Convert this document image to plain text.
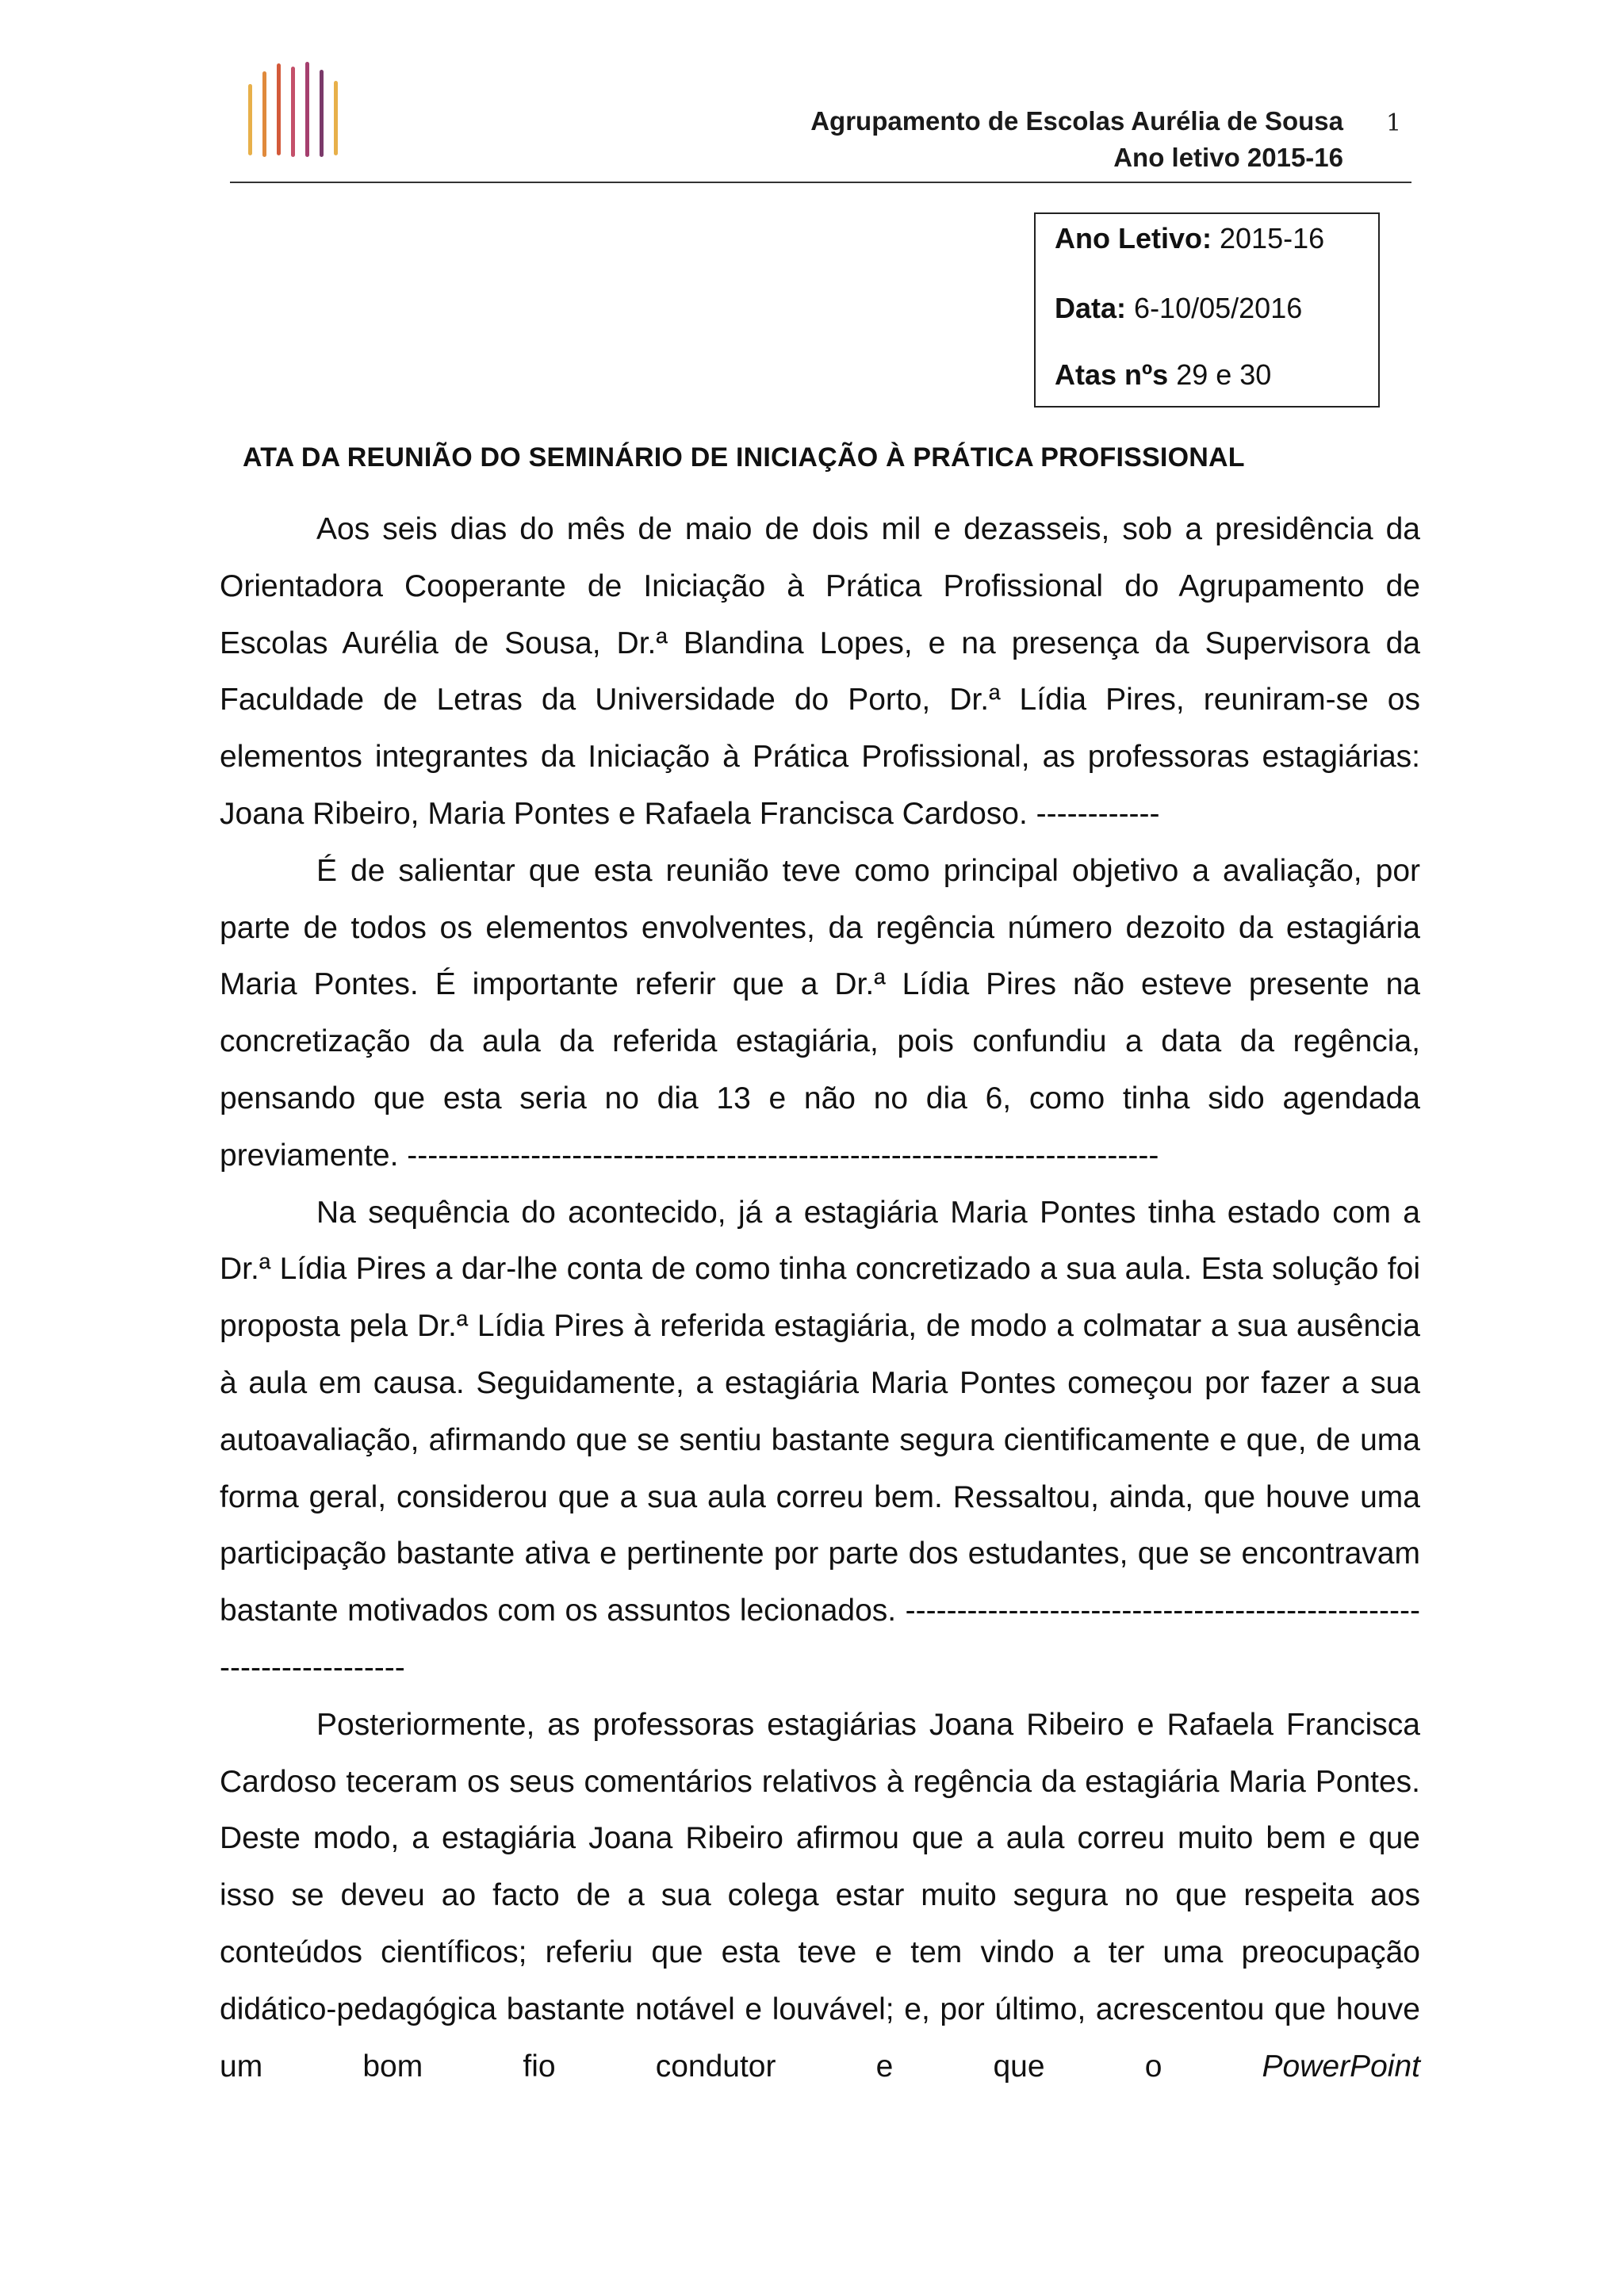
Agrupamento de Escolas Aurélia de Sousa
Ano letivo 2015-16
1
Ano Letivo: 2015-16
Data: 6-10/05/2016
Atas nºs 29 e 30
ATA DA REUNIÃO DO SEMINÁRIO DE INICIAÇÃO À PRÁTICA PROFISSIONAL

Aos seis dias do mês de maio de dois mil e dezasseis, sob a presidência da Orientadora Cooperante de Iniciação à Prática Profissional do Agrupamento de Escolas Aurélia de Sousa, Dr.ª Blandina Lopes, e na presença da Supervisora da Faculdade de Letras da Universidade do Porto, Dr.ª Lídia Pires, reuniram-se os elementos integrantes da Iniciação à Prática Profissional, as professoras estagiárias: Joana Ribeiro, Maria Pontes e Rafaela Francisca Cardoso. ------------

É de salientar que esta reunião teve como principal objetivo a avaliação, por parte de todos os elementos envolventes, da regência número dezoito da estagiária Maria Pontes. É importante referir que a Dr.ª Lídia Pires não esteve presente na concretização da aula da referida estagiária, pois confundiu a data da regência, pensando que esta seria no dia 13 e não no dia 6, como tinha sido agendada previamente. -------------------------------------------------------------------------

Na sequência do acontecido, já a estagiária Maria Pontes tinha estado com a Dr.ª Lídia Pires a dar-lhe conta de como tinha concretizado a sua aula. Esta solução foi proposta pela Dr.ª Lídia Pires à referida estagiária, de modo a colmatar a sua ausência à aula em causa. Seguidamente, a estagiária Maria Pontes começou por fazer a sua autoavaliação, afirmando que se sentiu bastante segura cientificamente e que, de uma forma geral, considerou que a sua aula correu bem. Ressaltou, ainda, que houve uma participação bastante ativa e pertinente por parte dos estudantes, que se encontravam bastante motivados com os assuntos lecionados. --------------------------------------------------------------------

Posteriormente, as professoras estagiárias Joana Ribeiro e Rafaela Francisca Cardoso teceram os seus comentários relativos à regência da estagiária Maria Pontes. Deste modo, a estagiária Joana Ribeiro afirmou que a aula correu muito bem e que isso se deveu ao facto de a sua colega estar muito segura no que respeita aos conteúdos científicos; referiu que esta teve e tem vindo a ter uma preocupação didático-pedagógica bastante notável e louvável; e, por último, acrescentou que houve um bom fio condutor e que o	PowerPoint
